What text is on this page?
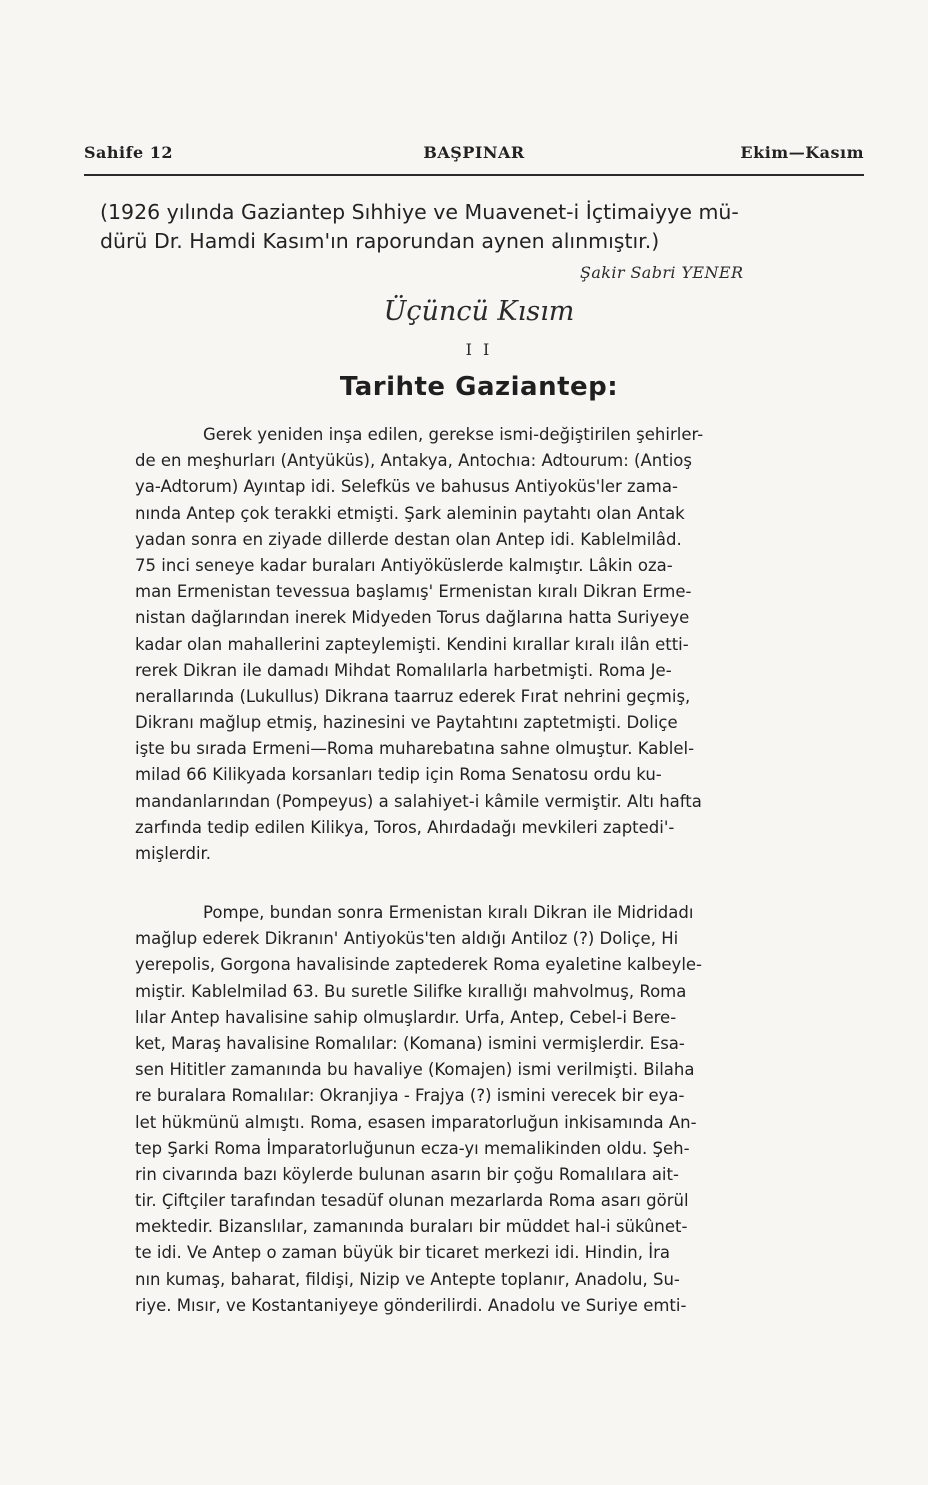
Sahife 12	BAŞPINAR	Ekim—Kasım
(1926 yılında Gaziantep Sıhhiye ve Muavenet-i İçtimaiyye mü-
dürü Dr. Hamdi Kasım'ın raporundan aynen alınmıştır.)
Şakir Sabri YENER
Üçüncü Kısım
I I
Tarihte Gaziantep:
Gerek yeniden inşa edilen, gerekse ismi-değiştirilen şehirler-
de en meşhurları (Antyüküs), Antakya, Antochıa: Adtourum: (Antioş
ya-Adtorum) Ayıntap idi. Selefküs ve bahusus Antiyoküs'ler zama-
nında Antep çok terakki etmişti. Şark aleminin paytahtı olan Antak
yadan sonra en ziyade dillerde destan olan Antep idi. Kablelmilâd.
75 inci seneye kadar buraları Antiyöküslerde kalmıştır. Lâkin oza-
man Ermenistan tevessua başlamış' Ermenistan kıralı Dikran Erme-
nistan dağlarından inerek Midyeden Torus dağlarına hatta Suriyeye
kadar olan mahallerini zapteylemişti. Kendini kırallar kıralı ilân etti-
rerek Dikran ile damadı Mihdat Romalılarla harbetmişti. Roma Je-
nerallarında (Lukullus) Dikrana taarruz ederek Fırat nehrini geçmiş,
Dikranı mağlup etmiş, hazinesini ve Paytahtını zaptetmişti. Doliçe
işte bu sırada Ermeni—Roma muharebatına sahne olmuştur. Kablel-
milad 66 Kilikyada korsanları tedip için Roma Senatosu ordu ku-
mandanlarından (Pompeyus) a salahiyet-i kâmile vermiştir. Altı hafta
zarfında tedip edilen Kilikya, Toros, Ahırdadağı mevkileri zaptedi'-
mişlerdir.
Pompe, bundan sonra Ermenistan kıralı Dikran ile Midridadı
mağlup ederek Dikranın' Antiyoküs'ten aldığı Antiloz (?) Doliçe, Hi
yerepolis, Gorgona havalisinde zaptederek Roma eyaletine kalbeyle-
miştir. Kablelmilad 63. Bu suretle Silifke kırallığı mahvolmuş, Roma
lılar Antep havalisine sahip olmuşlardır. Urfa, Antep, Cebel-i Bere-
ket, Maraş havalisine Romalılar: (Komana) ismini vermişlerdir. Esa-
sen Hititler zamanında bu havaliye (Komajen) ismi verilmişti. Bilaha
re buralara Romalılar: Okranjiya - Frajya (?) ismini verecek bir eya-
let hükmünü almıştı. Roma, esasen imparatorluğun inkisamında An-
tep Şarki Roma İmparatorluğunun ecza-yı memalikinden oldu. Şeh-
rin civarında bazı köylerde bulunan asarın bir çoğu Romalılara ait-
tir. Çiftçiler tarafından tesadüf olunan mezarlarda Roma asarı görül
mektedir. Bizanslılar, zamanında buraları bir müddet hal-i sükûnet-
te idi. Ve Antep o zaman büyük bir ticaret merkezi idi. Hindin, İra
nın kumaş, baharat, fildişi, Nizip ve Antepte toplanır, Anadolu, Su-
riye. Mısır, ve Kostantaniyeye gönderilirdi. Anadolu ve Suriye emti-
